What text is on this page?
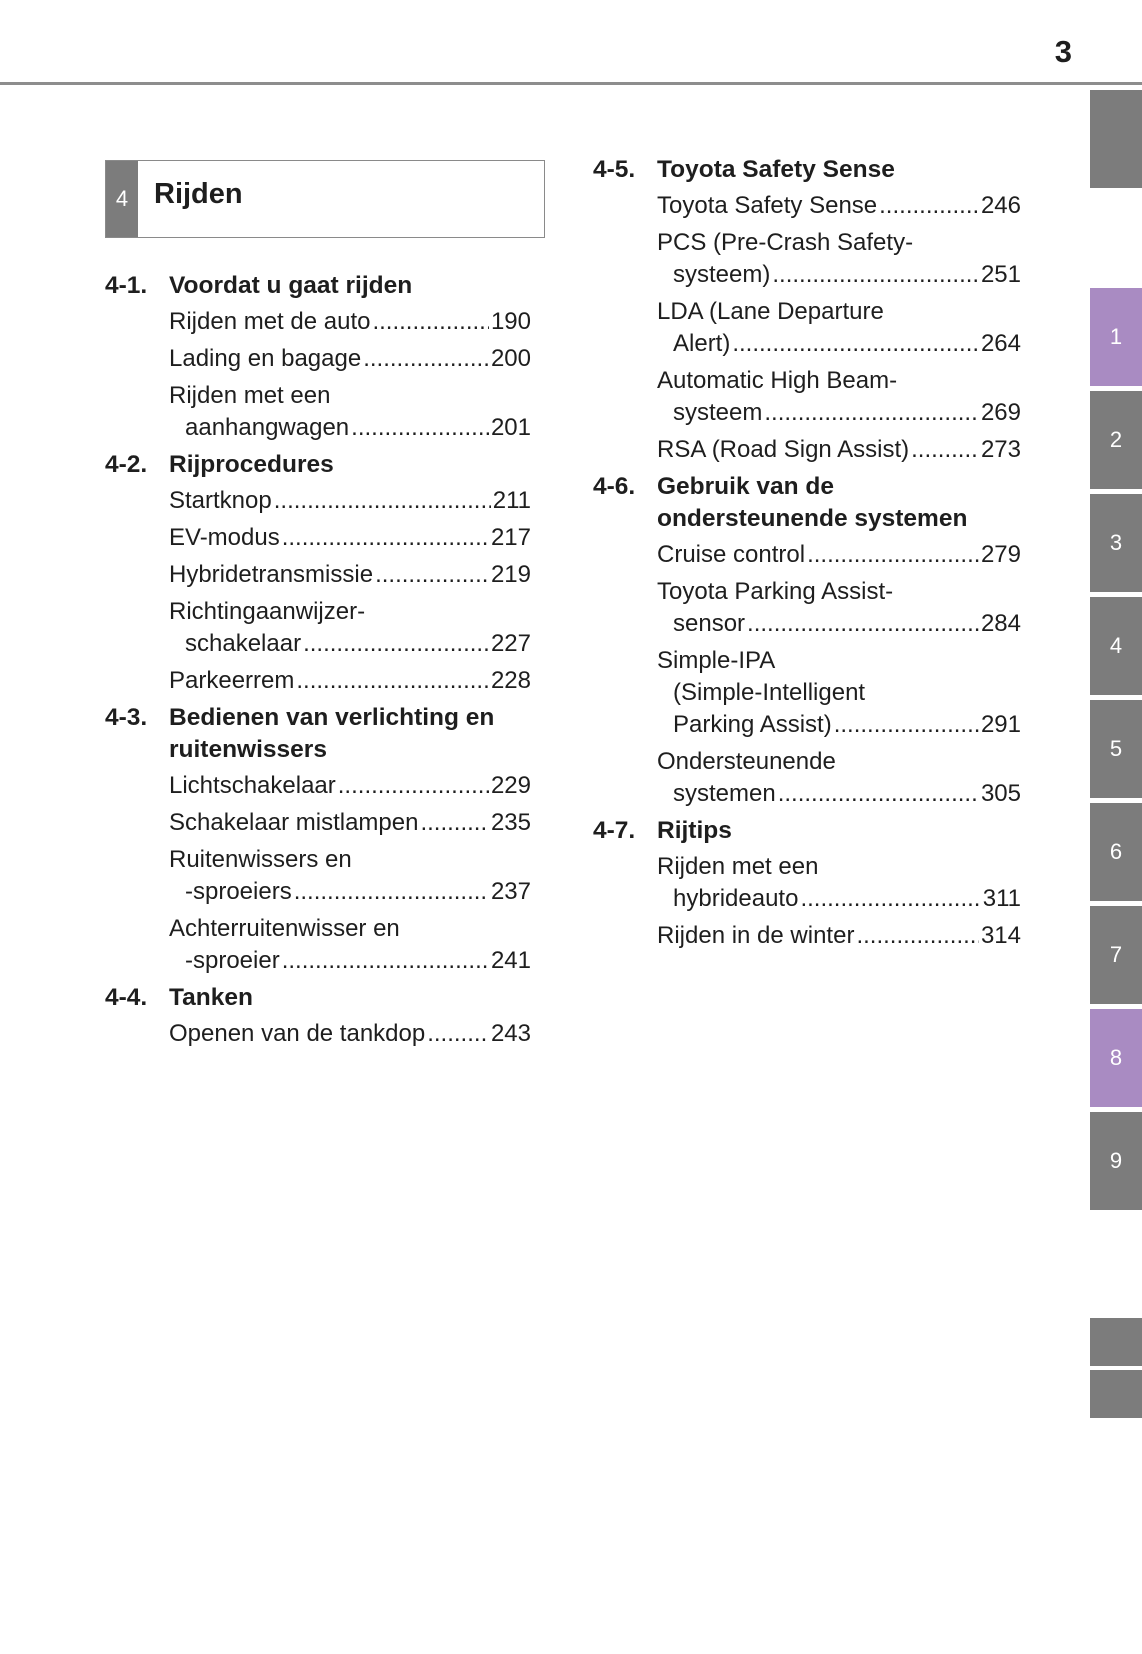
3
4 Rijden
4-1. Voordat u gaat rijden
Rijden met de auto .....	190
Lading en bagage .....	200
Rijden met een
aanhangwagen .....	201
4-2. Rijprocedures
Startknop .....	211
EV-modus .....	217
Hybridetransmissie .....	219
Richtingaanwijzer-
schakelaar .....	227
Parkeerrem .....	228
4-3. Bedienen van verlichting en ruitenwissers
Lichtschakelaar .....	229
Schakelaar mistlampen .....	235
Ruitenwissers en
-sproeiers .....	237
Achterruitenwisser en
-sproeier .....	241
4-4. Tanken
Openen van de tankdop .....	243
4-5. Toyota Safety Sense
Toyota Safety Sense .....	246
PCS (Pre-Crash Safety-
systeem) .....	251
LDA (Lane Departure
Alert) .....	264
Automatic High Beam-
systeem .....	269
RSA (Road Sign Assist) .....	273
4-6. Gebruik van de ondersteunende systemen
Cruise control .....	279
Toyota Parking Assist-
sensor .....	284
Simple-IPA
(Simple-Intelligent
Parking Assist) .....	291
Ondersteunende
systemen .....	305
4-7. Rijtips
Rijden met een
hybrideauto .....	311
Rijden in de winter .....	314
1
2
3
4
5
6
7
8
9
